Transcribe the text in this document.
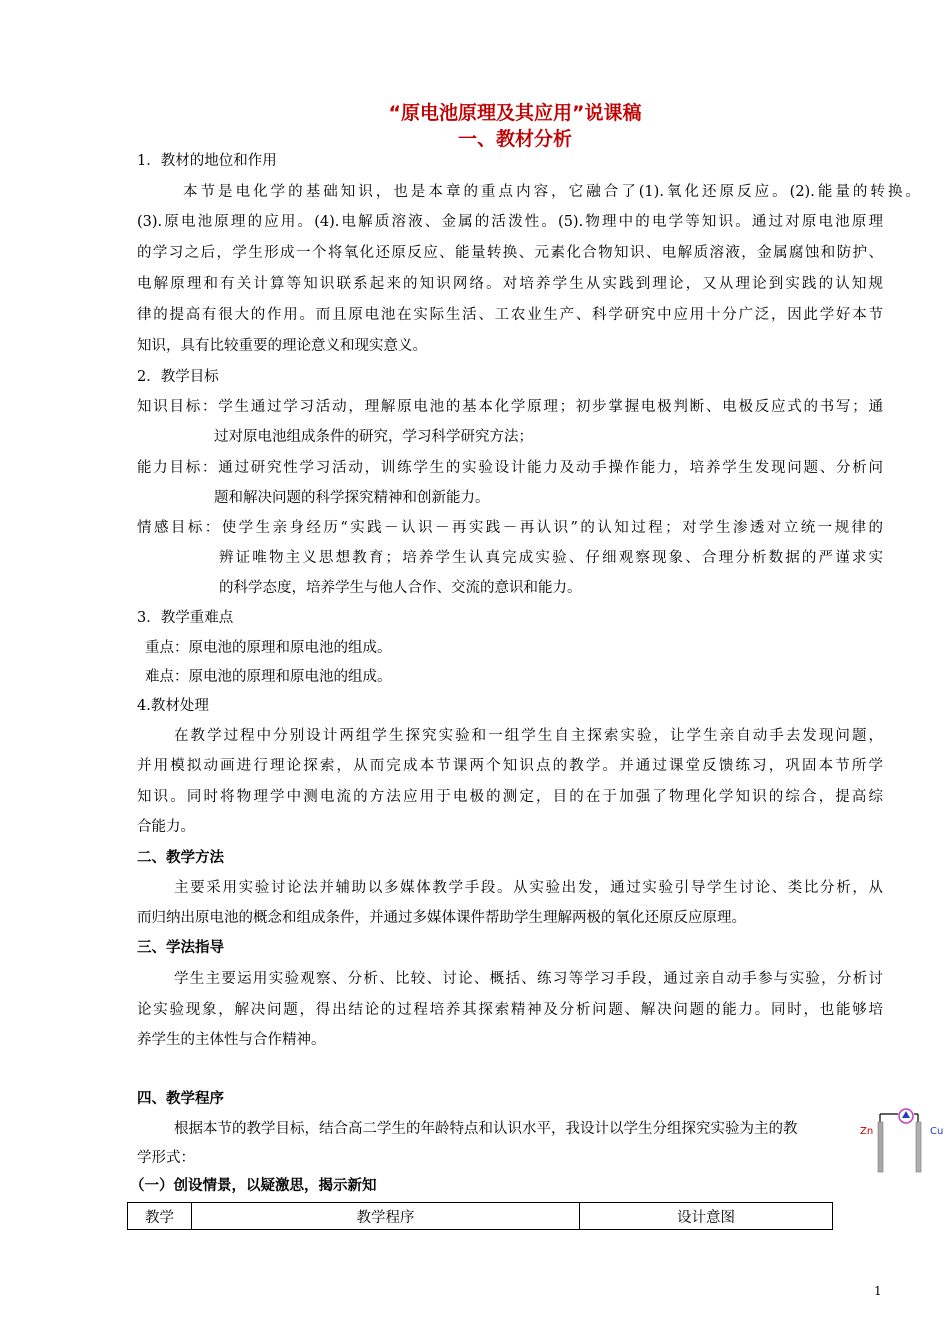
“原电池原理及其应用”说课稿
一、教材分析
1．教材的地位和作用
本节是电化学的基础知识，也是本章的重点内容，它融合了(1).氧化还原反应。(2).能量的转换。
(3).原电池原理的应用。(4).电解质溶液、金属的活泼性。(5).物理中的电学等知识。通过对原电池原理
的学习之后，学生形成一个将氧化还原反应、能量转换、元素化合物知识、电解质溶液，金属腐蚀和防护、
电解原理和有关计算等知识联系起来的知识网络。对培养学生从实践到理论，又从理论到实践的认知规
律的提高有很大的作用。而且原电池在实际生活、工农业生产、科学研究中应用十分广泛，因此学好本节
知识，具有比较重要的理论意义和现实意义。
2．教学目标
知识目标：学生通过学习活动，理解原电池的基本化学原理；初步掌握电极判断、电极反应式的书写；通
过对原电池组成条件的研究，学习科学研究方法；
能力目标：通过研究性学习活动，训练学生的实验设计能力及动手操作能力，培养学生发现问题、分析问
题和解决问题的科学探究精神和创新能力。
情感目标：使学生亲身经历“实践－认识－再实践－再认识”的认知过程；对学生渗透对立统一规律的
辨证唯物主义思想教育；培养学生认真完成实验、仔细观察现象、合理分析数据的严谨求实
的科学态度，培养学生与他人合作、交流的意识和能力。
3．教学重难点
重点：原电池的原理和原电池的组成。
难点：原电池的原理和原电池的组成。
4.教材处理
在教学过程中分别设计两组学生探究实验和一组学生自主探索实验，让学生亲自动手去发现问题，
并用模拟动画进行理论探索，从而完成本节课两个知识点的教学。并通过课堂反馈练习，巩固本节所学
知识。同时将物理学中测电流的方法应用于电极的测定，目的在于加强了物理化学知识的综合，提高综
合能力。
二、教学方法
主要采用实验讨论法并辅助以多媒体教学手段。从实验出发，通过实验引导学生讨论、类比分析，从
而归纳出原电池的概念和组成条件，并通过多媒体课件帮助学生理解两极的氧化还原反应原理。
三、学法指导
学生主要运用实验观察、分析、比较、讨论、概括、练习等学习手段，通过亲自动手参与实验，分析讨
论实验现象，解决问题，得出结论的过程培养其探索精神及分析问题、解决问题的能力。同时，也能够培
养学生的主体性与合作精神。
四、教学程序
根据本节的教学目标，结合高二学生的年龄特点和认识水平，我设计以学生分组探究实验为主的教
学形式：
（一）创设情景，以疑激思，揭示新知
Zn	Cu
教学	教学程序	设计意图
1
